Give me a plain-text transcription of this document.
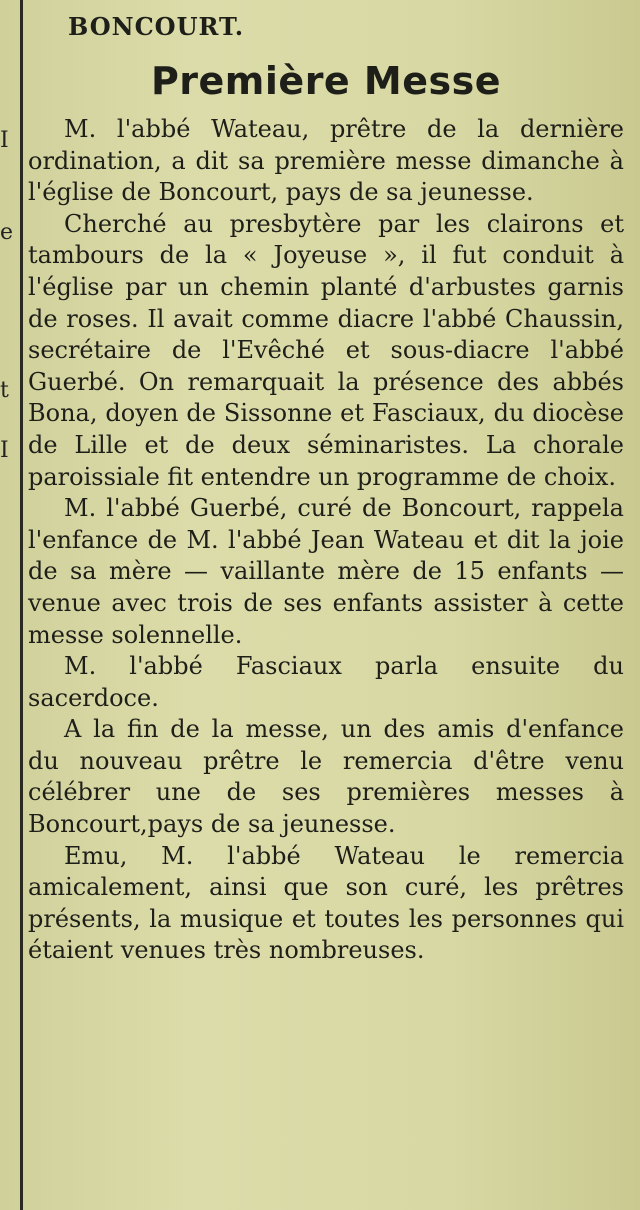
I
e
t
I
BONCOURT.
Première Messe

M. l'abbé Wateau, prêtre de la dernière ordination, a dit sa première messe dimanche à l'église de Boncourt, pays de sa jeunesse.

Cherché au presbytère par les clairons et tambours de la « Joyeuse », il fut conduit à l'église par un chemin planté d'arbustes garnis de roses. Il avait comme diacre l'abbé Chaussin, secrétaire de l'Evêché et sous-diacre l'abbé Guerbé. On remarquait la présence des abbés Bona, doyen de Sissonne et Fasciaux, du diocèse de Lille et de deux séminaristes. La chorale paroissiale fit entendre un programme de choix.

M. l'abbé Guerbé, curé de Boncourt, rappela l'enfance de M. l'abbé Jean Wateau et dit la joie de sa mère — vaillante mère de 15 enfants — venue avec trois de ses enfants assister à cette messe solennelle.

M. l'abbé Fasciaux parla ensuite du sacerdoce.

A la fin de la messe, un des amis d'enfance du nouveau prêtre le remercia d'être venu célébrer une de ses premières messes à Boncourt,pays de sa jeunesse.

Emu, M. l'abbé Wateau le remercia amicalement, ainsi que son curé, les prêtres présents, la musique et toutes les personnes qui étaient venues très nombreuses.
